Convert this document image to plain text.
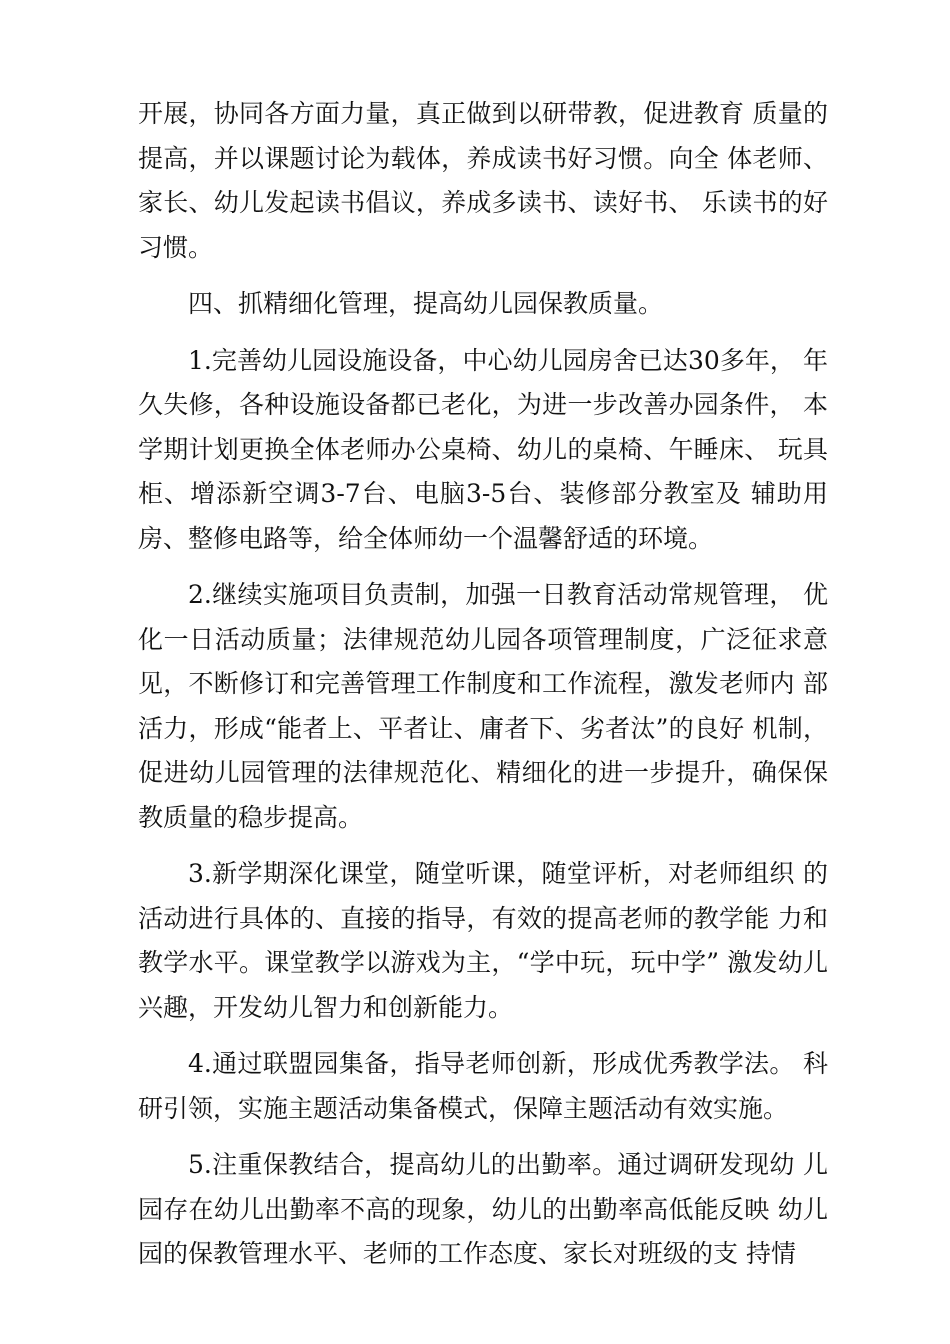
开展，协同各方面力量，真正做到以研带教，促进教育 质量的提高，并以课题讨论为载体，养成读书好习惯。向全 体老师、家长、幼儿发起读书倡议，养成多读书、读好书、 乐读书的好习惯。

四、抓精细化管理，提高幼儿园保教质量。

1.完善幼儿园设施设备，中心幼儿园房舍已达30多年， 年久失修，各种设施设备都已老化，为进一步改善办园条件， 本学期计划更换全体老师办公桌椅、幼儿的桌椅、午睡床、 玩具柜、增添新空调3-7台、电脑3-5台、装修部分教室及 辅助用房、整修电路等，给全体师幼一个温馨舒适的环境。

2.继续实施项目负责制，加强一日教育活动常规管理， 优化一日活动质量；法律规范幼儿园各项管理制度，广泛征求意见，不断修订和完善管理工作制度和工作流程，激发老师内 部活力，形成“能者上、平者让、庸者下、劣者汰”的良好 机制，促进幼儿园管理的法律规范化、精细化的进一步提升，确保保教质量的稳步提高。

3.新学期深化课堂，随堂听课，随堂评析，对老师组织 的活动进行具体的、直接的指导，有效的提高老师的教学能 力和教学水平。课堂教学以游戏为主，“学中玩，玩中学” 激发幼儿兴趣，开发幼儿智力和创新能力。

4.通过联盟园集备，指导老师创新，形成优秀教学法。 科研引领，实施主题活动集备模式，保障主题活动有效实施。

5.注重保教结合，提高幼儿的出勤率。通过调研发现幼 儿园存在幼儿出勤率不高的现象，幼儿的出勤率高低能反映 幼儿园的保教管理水平、老师的工作态度、家长对班级的支 持情
